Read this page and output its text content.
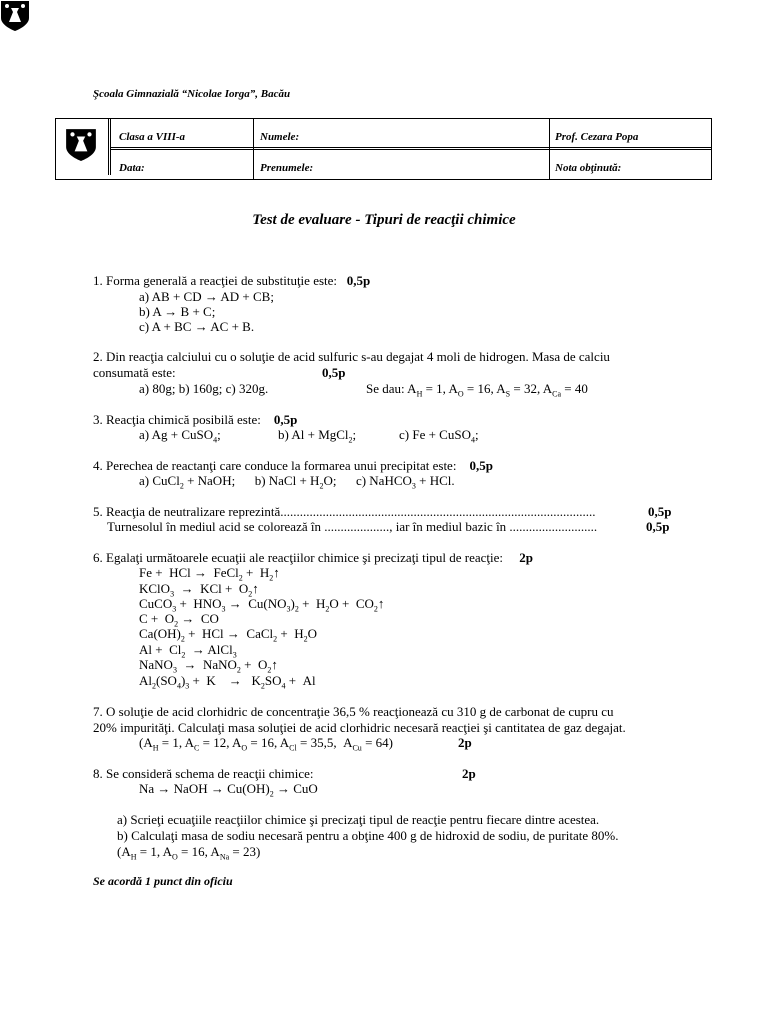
Şcoala Gimnazială “Nicolae Iorga”, Bacău
Clasa a VIII-a	Numele:	Prof. Cezara Popa
Data:	Prenumele:	Nota obţinută:
Test de evaluare - Tipuri de reacţii chimice
1. Forma generală a reacţiei de substituţie este: 0,5p
a) AB + CD → AD + CB;
b) A → B + C;
c) A + BC → AC + B.
2. Din reacţia calciului cu o soluţie de acid sulfuric s-au degajat 4 moli de hidrogen. Masa de calciu
consumată este:	0,5p
a) 80g; b) 160g; c) 320g.	Se dau: $A_H = 1$, $A_O = 16$, $A_S = 32$, $A_{Ca} = 40$
3. Reacţia chimică posibilă este: 0,5p
a) Ag + CuSO$_4$;	b) Al + MgCl$_2$;	c) Fe + CuSO$_4$;
4. Perechea de reactanţi care conduce la formarea unui precipitat este: 0,5p
a) CuCl$_2$ + NaOH;      b) NaCl + $H_2O$;      c) NaHCO$_3$ + HCl.
5. Reacţia de neutralizare reprezintă.................................................................................................	0,5p
Turnesolul în mediul acid se colorează în ...................., iar în mediul bazic în ...........................	0,5p
6. Egalaţi următoarele ecuaţii ale reacţiilor chimice şi precizaţi tipul de reacţie: 2p
Fe +  HCl →  FeCl$_2$ +  $H_2↑$
KClO$_3$  →  KCl +  $O_2↑$
CuCO$_3$ +  $HNO_3 \to Cu(NO_3)_2 + H_2O$ +  $CO_2↑$
$C + O_2$ →  CO
$Ca(OH)_2$ +  HCl →  CaCl$_2$ +  $H_2O$
$Al + Cl_2$  → AlCl$_3$
NaNO$_3$  →  NaNO$_2$ +  $O_2↑$
$Al_2(SO_4)_3 + K$    →   $K_2SO_4 + Al$
7. O soluţie de acid clorhidric de concentraţie 36,5 % reacţionează cu 310 g de carbonat de cupru cu
20% impurităţi. Calculaţi masa soluţiei de acid clorhidric necesară reacţiei şi cantitatea de gaz degajat.
($A_H = 1$, $A_C = 12$, $A_O = 16$, $A_{Cl} = 35,5$,  $A_{Cu} = 64$)	2p
8. Se consideră schema de reacţii chimice:	2p
Na → NaOH → $Cu(OH)_2$ → CuO
a) Scrieţi ecuaţiile reacţiilor chimice şi precizaţi tipul de reacţie pentru fiecare dintre acestea.
b) Calculaţi masa de sodiu necesară pentru a obţine 400 g de hidroxid de sodiu, de puritate 80%.
($A_H = 1$, $A_O = 16$, $A_{Na} = 23$)
Se acordă 1 punct din oficiu
